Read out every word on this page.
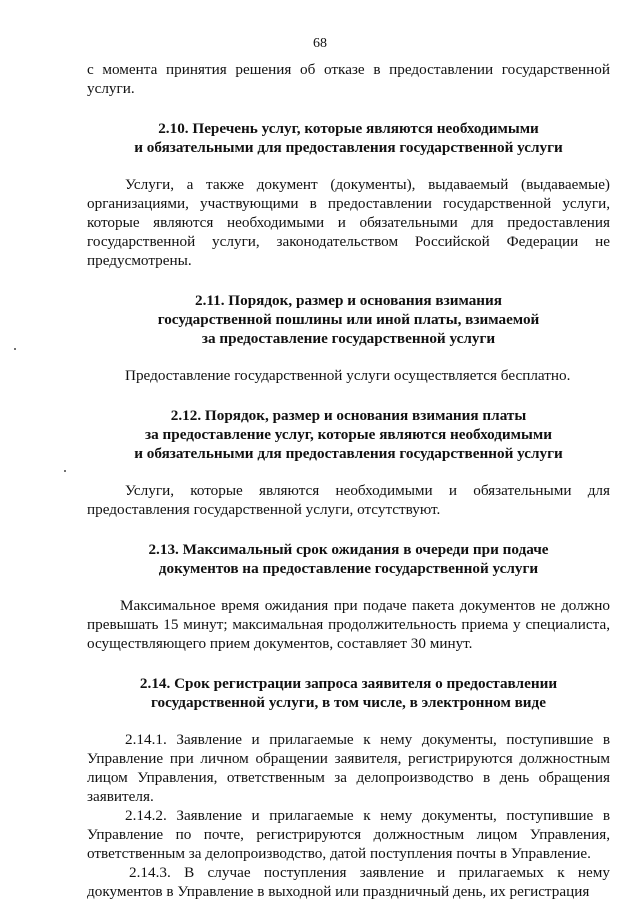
68

с момента принятия решения об отказе в предоставлении государственной услуги.

2.10. Перечень услуг, которые являются необходимыми
и обязательными для предоставления государственной услуги

Услуги, а также документ (документы), выдаваемый (выдаваемые) организациями, участвующими в предоставлении государственной услуги, которые являются необходимыми и обязательными для предоставления государственной услуги, законодательством Российской Федерации не предусмотрены.

2.11. Порядок, размер и основания взимания
государственной пошлины или иной платы, взимаемой
за предоставление государственной услуги

Предоставление государственной услуги осуществляется бесплатно.

2.12. Порядок, размер и основания взимания платы
за предоставление услуг, которые являются необходимыми
и обязательными для предоставления государственной услуги

Услуги, которые являются необходимыми и обязательными для предоставления государственной услуги, отсутствуют.

2.13. Максимальный срок ожидания в очереди при подаче
документов на предоставление государственной услуги

Максимальное время ожидания при подаче пакета документов не должно превышать 15 минут; максимальная продолжительность приема у специалиста, осуществляющего прием документов, составляет 30 минут.

2.14. Срок регистрации запроса заявителя о предоставлении
государственной услуги, в том числе, в электронном виде

2.14.1. Заявление и прилагаемые к нему документы, поступившие в Управление при личном обращении заявителя, регистрируются должностным лицом Управления, ответственным за делопроизводство в день обращения заявителя.

2.14.2. Заявление и прилагаемые к нему документы, поступившие в Управление по почте, регистрируются должностным лицом Управления, ответственным за делопроизводство, датой поступления почты в Управление.

2.14.3. В случае поступления заявление и прилагаемых к нему документов в Управление в выходной или праздничный день, их регистрация
